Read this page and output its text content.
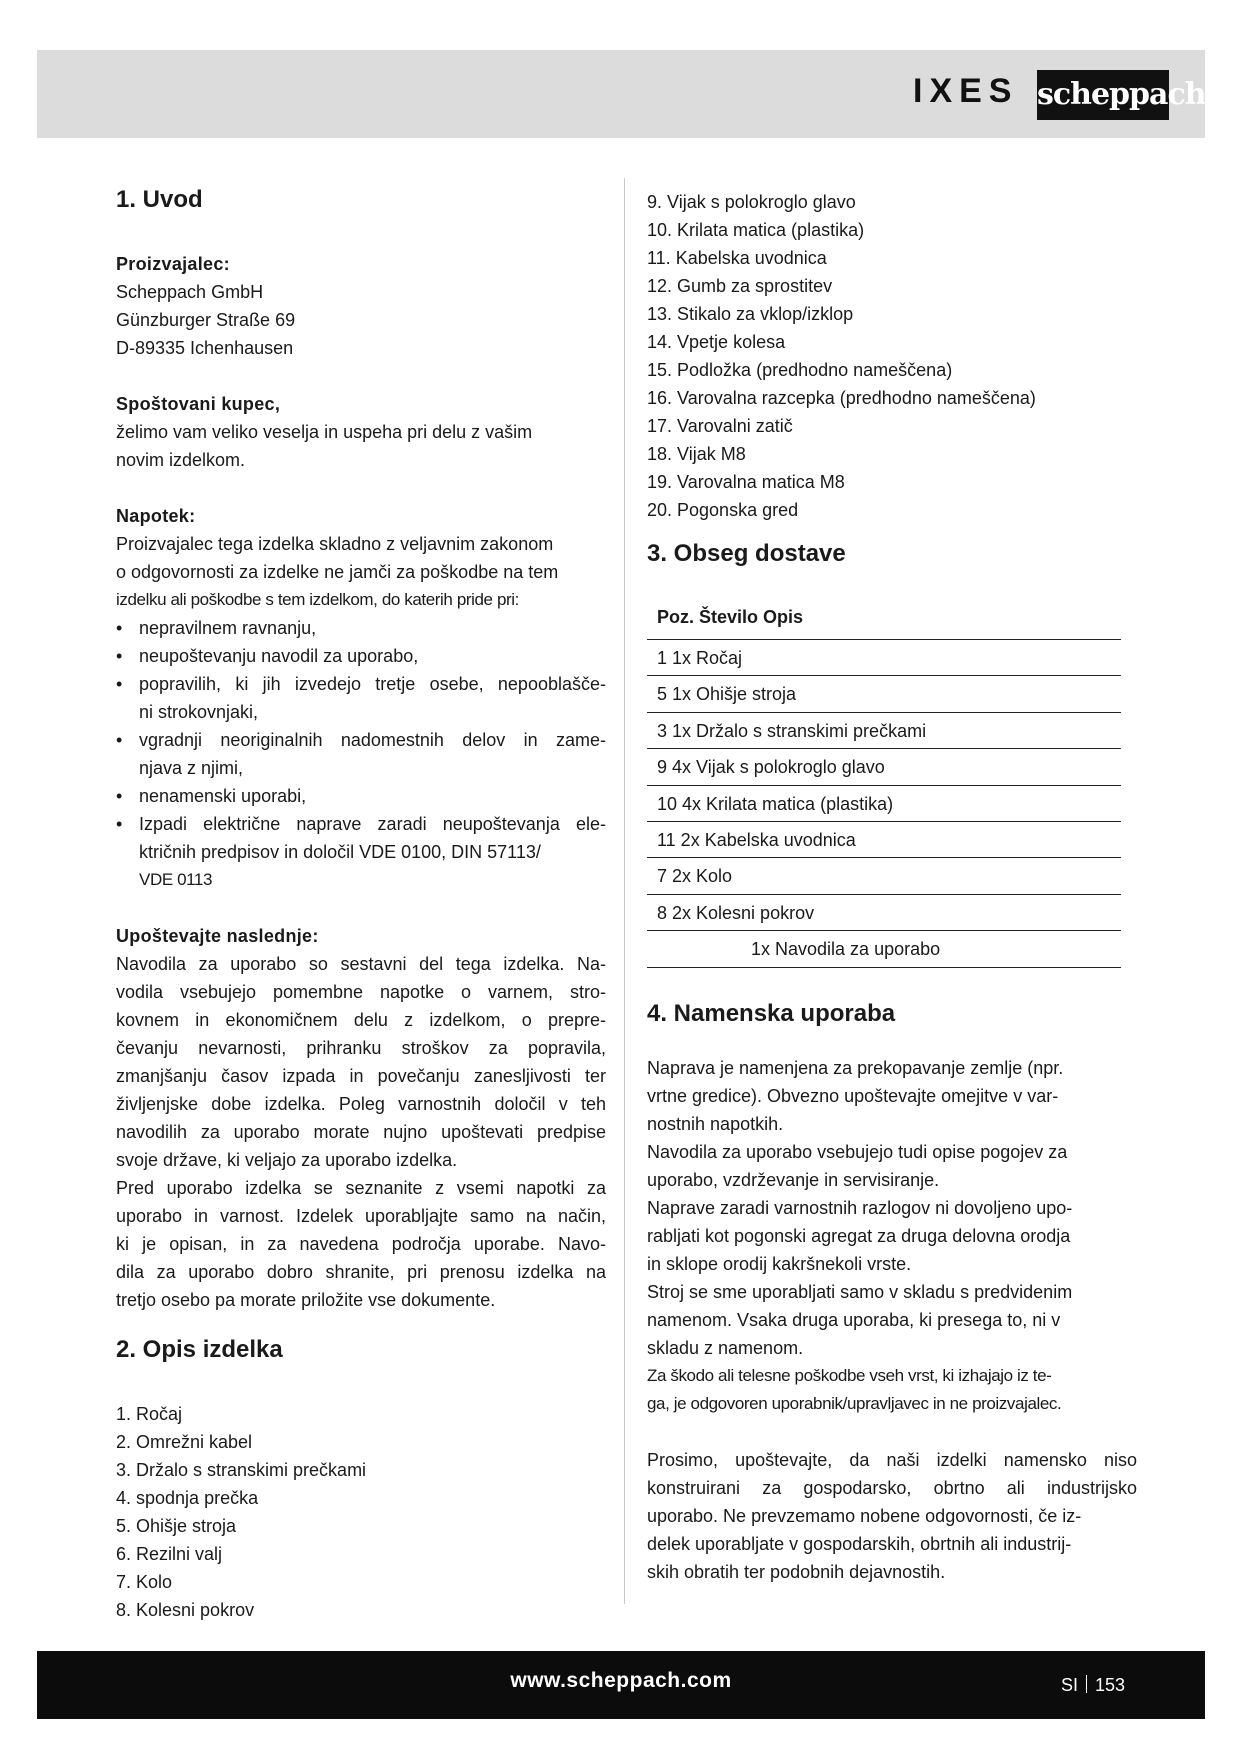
IXES scheppach
1. Uvod
Proizvajalec:
Scheppach GmbH
Günzburger Straße 69
D-89335 Ichenhausen
Spoštovani kupec,
želimo vam veliko veselja in uspeha pri delu z vašim
novim izdelkom.
Napotek:
Proizvajalec tega izdelka skladno z veljavnim zakonom
o odgovornosti za izdelke ne jamči za poškodbe na tem
izdelku ali poškodbe s tem izdelkom, do katerih pride pri:
• nepravilnem ravnanju,
• neupoštevanju navodil za uporabo,
• popravilih, ki jih izvedejo tretje osebe, nepooblašče-
ni strokovnjaki,
• vgradnji neoriginalnih nadomestnih delov in zame-
njava z njimi,
• nenamenski uporabi,
• Izpadi električne naprave zaradi neupoštevanja ele-
ktričnih predpisov in določil VDE 0100, DIN 57113/
VDE 0113
Upoštevajte naslednje:
Navodila za uporabo so sestavni del tega izdelka. Na-
vodila vsebujejo pomembne napotke o varnem, stro-
kovnem in ekonomičnem delu z izdelkom, o prepre-
čevanju nevarnosti, prihranku stroškov za popravila,
zmanjšanju časov izpada in povečanju zanesljivosti ter
življenjske dobe izdelka. Poleg varnostnih določil v teh
navodilih za uporabo morate nujno upoštevati predpise
svoje države, ki veljajo za uporabo izdelka.
Pred uporabo izdelka se seznanite z vsemi napotki za
uporabo in varnost. Izdelek uporabljajte samo na način,
ki je opisan, in za navedena področja uporabe. Navo-
dila za uporabo dobro shranite, pri prenosu izdelka na
tretjo osebo pa morate priložite vse dokumente.
2. Opis izdelka
1. Ročaj
2. Omrežni kabel
3. Držalo s stranskimi prečkami
4. spodnja prečka
5. Ohišje stroja
6. Rezilni valj
7. Kolo
8. Kolesni pokrov
9. Vijak s polokroglo glavo
10. Krilata matica (plastika)
11. Kabelska uvodnica
12. Gumb za sprostitev
13. Stikalo za vklop/izklop
14. Vpetje kolesa
15. Podložka (predhodno nameščena)
16. Varovalna razcepka (predhodno nameščena)
17. Varovalni zatič
18. Vijak M8
19. Varovalna matica M8
20. Pogonska gred
3. Obseg dostave
Poz. Število Opis
1 1x Ročaj
5 1x Ohišje stroja
3 1x Držalo s stranskimi prečkami
9 4x Vijak s polokroglo glavo
10 4x Krilata matica (plastika)
11 2x Kabelska uvodnica
7 2x Kolo
8 2x Kolesni pokrov
1x Navodila za uporabo
4. Namenska uporaba
Naprava je namenjena za prekopavanje zemlje (npr.
vrtne gredice). Obvezno upoštevajte omejitve v var-
nostnih napotkih.
Navodila za uporabo vsebujejo tudi opise pogojev za
uporabo, vzdrževanje in servisiranje.
Naprave zaradi varnostnih razlogov ni dovoljeno upo-
rabljati kot pogonski agregat za druga delovna orodja
in sklope orodij kakršnekoli vrste.
Stroj se sme uporabljati samo v skladu s predvidenim
namenom. Vsaka druga uporaba, ki presega to, ni v
skladu z namenom.
Za škodo ali telesne poškodbe vseh vrst, ki izhajajo iz te-
ga, je odgovoren uporabnik/upravljavec in ne proizvajalec.
Prosimo, upoštevajte, da naši izdelki namensko niso
konstruirani za gospodarsko, obrtno ali industrijsko
uporabo. Ne prevzemamo nobene odgovornosti, če iz-
delek uporabljate v gospodarskih, obrtnih ali industrij-
skih obratih ter podobnih dejavnostih.
www.scheppach.com	SI 153
